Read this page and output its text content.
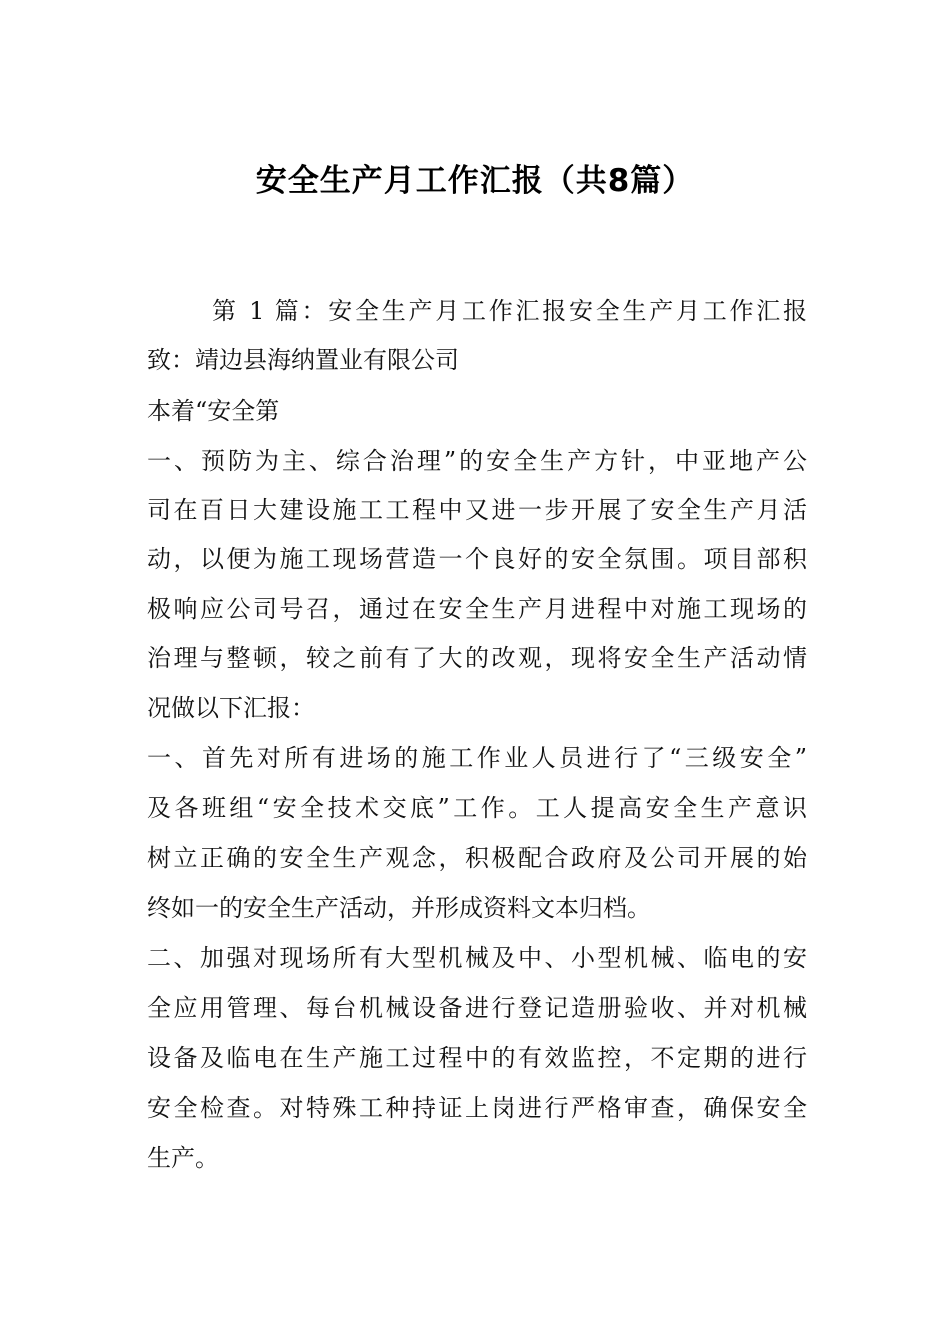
安全生产月工作汇报（共8篇）
第 1 篇：安全生产月工作汇报安全生产月工作汇报
致：靖边县海纳置业有限公司
本着“安全第
一、预防为主、综合治理”的安全生产方针，中亚地产公
司在百日大建设施工工程中又进一步开展了安全生产月活
动，以便为施工现场营造一个良好的安全氛围。项目部积
极响应公司号召，通过在安全生产月进程中对施工现场的
治理与整顿，较之前有了大的改观，现将安全生产活动情
况做以下汇报：
一、首先对所有进场的施工作业人员进行了“三级安全”
及各班组“安全技术交底”工作。工人提高安全生产意识
树立正确的安全生产观念，积极配合政府及公司开展的始
终如一的安全生产活动，并形成资料文本归档。
二、加强对现场所有大型机械及中、小型机械、临电的安
全应用管理、每台机械设备进行登记造册验收、并对机械
设备及临电在生产施工过程中的有效监控，不定期的进行
安全检查。对特殊工种持证上岗进行严格审查，确保安全
生产。
